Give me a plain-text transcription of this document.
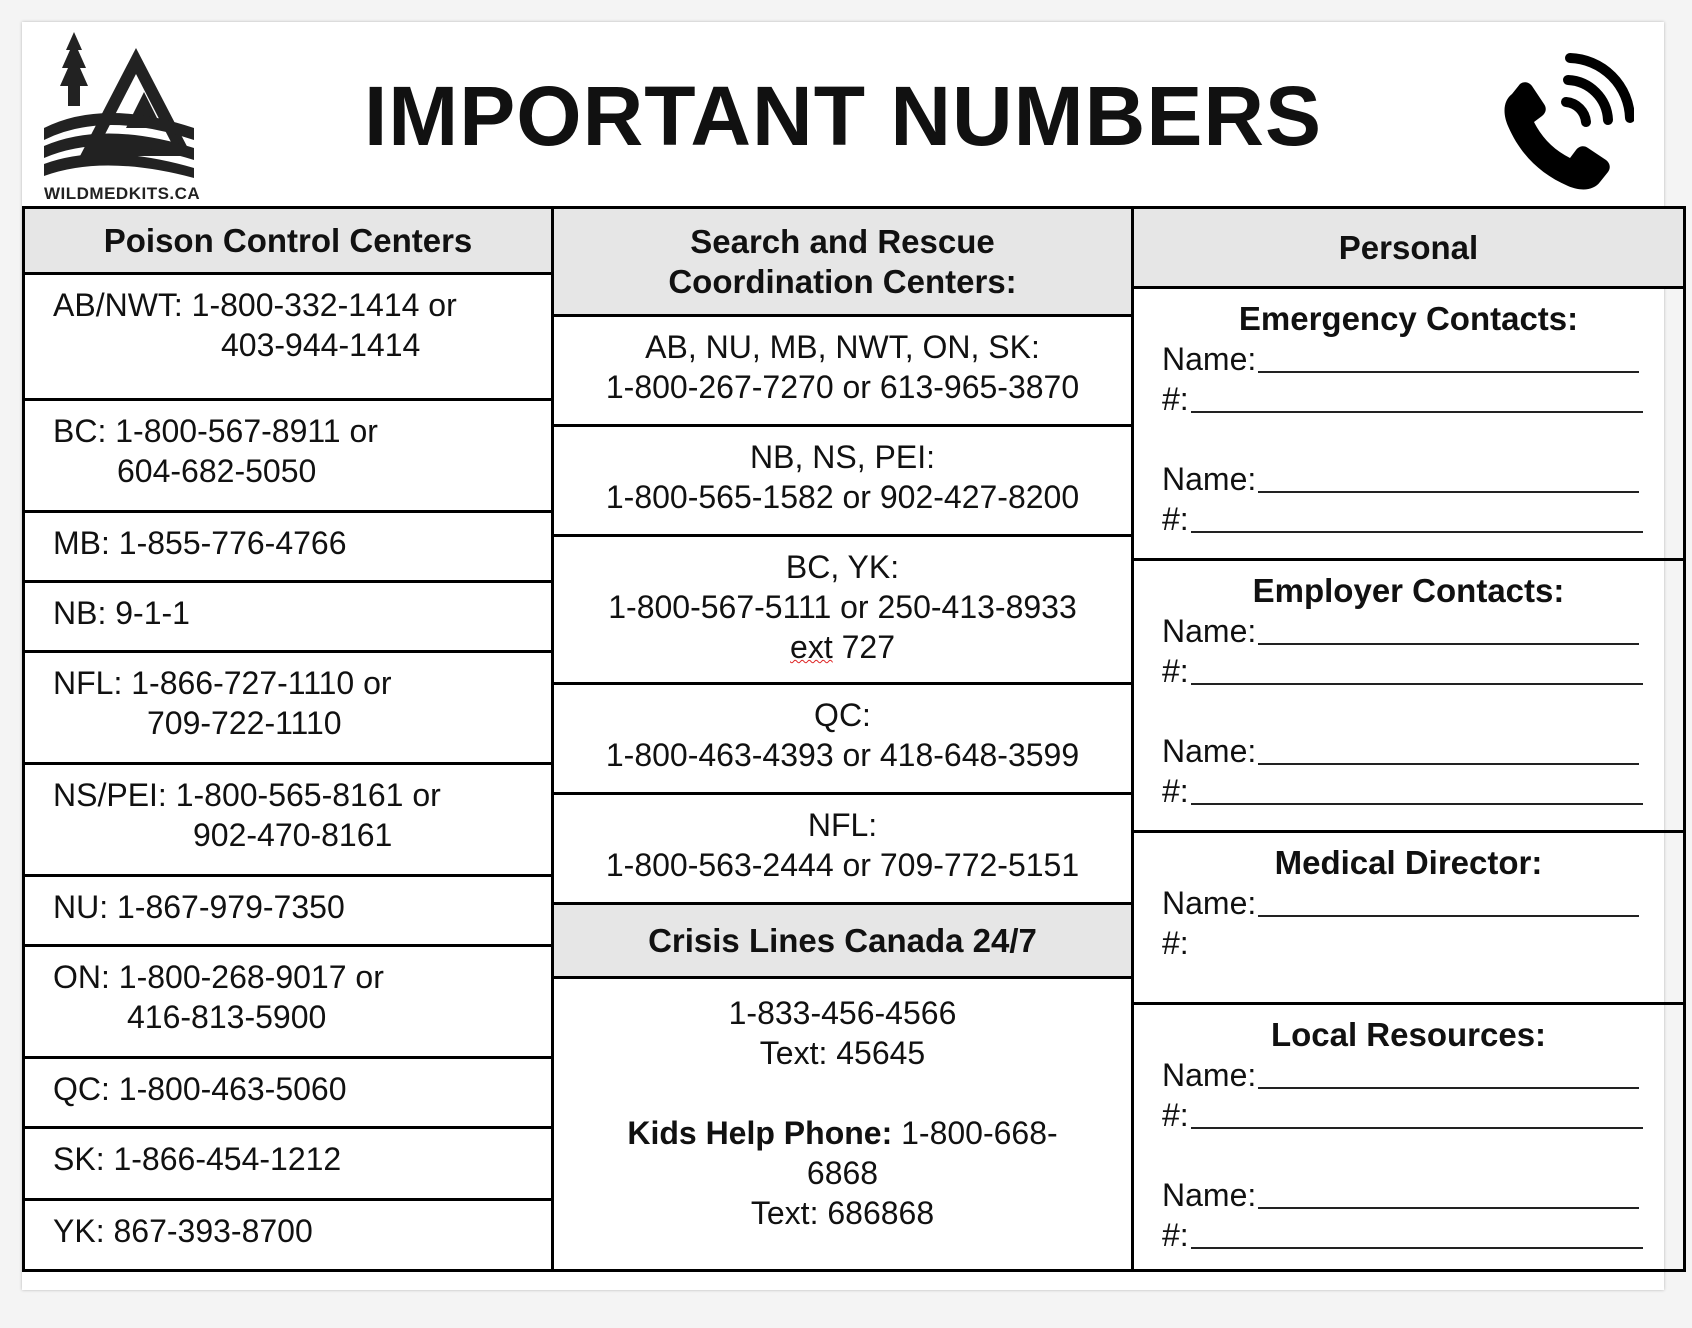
WILDMEDKITS.CA
IMPORTANT NUMBERS
Poison Control Centers
AB/NWT: 1-800-332-1414 or
403-944-1414
BC: 1-800-567-8911 or
604-682-5050
MB: 1-855-776-4766
NB: 9-1-1
NFL: 1-866-727-1110 or
709-722-1110
NS/PEI: 1-800-565-8161 or
902-470-8161
NU: 1-867-979-7350
ON: 1-800-268-9017 or
416-813-5900
QC: 1-800-463-5060
SK: 1-866-454-1212
YK: 867-393-8700
Search and Rescue
Coordination Centers:
AB, NU, MB, NWT, ON, SK:
1-800-267-7270 or 613-965-3870
NB, NS, PEI:
1-800-565-1582 or 902-427-8200
BC, YK:
1-800-567-5111 or 250-413-8933
ext 727
QC:
1-800-463-4393 or 418-648-3599
NFL:
1-800-563-2444 or 709-772-5151
Crisis Lines Canada 24/7
1-833-456-4566
Text: 45645
Kids Help Phone: 1-800-668-
6868
Text: 686868
Personal
Emergency Contacts:
Name:
#:
Name:
#:
Employer Contacts:
Name:
#:
Name:
#:
Medical Director:
Name:
#:
Local Resources:
Name:
#:
Name:
#:
